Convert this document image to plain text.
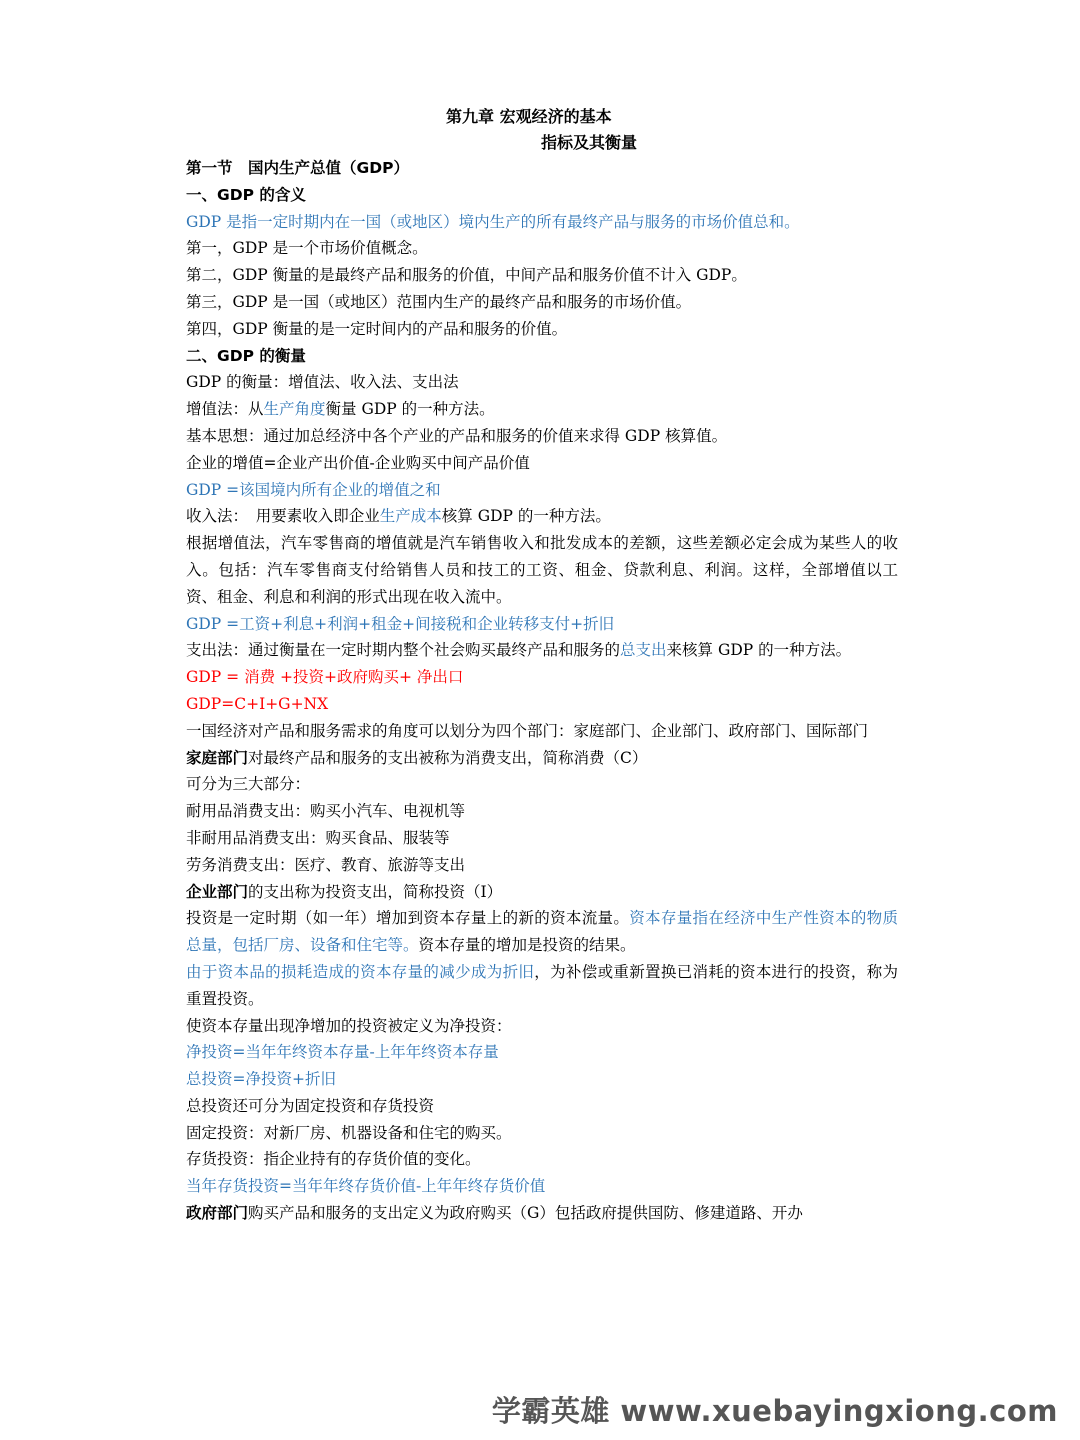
第九章 宏观经济的基本
指标及其衡量
第一节　国内生产总值（GDP）
一、GDP 的含义
GDP 是指一定时期内在一国（或地区）境内生产的所有最终产品与服务的市场价值总和。
第一，GDP 是一个市场价值概念。
第二，GDP 衡量的是最终产品和服务的价值，中间产品和服务价值不计入 GDP。
第三，GDP 是一国（或地区）范围内生产的最终产品和服务的市场价值。
第四，GDP 衡量的是一定时间内的产品和服务的价值。
二、GDP 的衡量
GDP 的衡量：增值法、收入法、支出法
增值法：从生产角度衡量 GDP 的一种方法。
基本思想：通过加总经济中各个产业的产品和服务的价值来求得 GDP 核算值。
企业的增值=企业产出价值-企业购买中间产品价值
GDP =该国境内所有企业的增值之和
收入法：　用要素收入即企业生产成本核算 GDP 的一种方法。
根据增值法，汽车零售商的增值就是汽车销售收入和批发成本的差额，这些差额必定会成为某些人的收入。包括：汽车零售商支付给销售人员和技工的工资、租金、贷款利息、利润。这样，全部增值以工资、租金、利息和利润的形式出现在收入流中。
GDP =工资+利息+利润+租金+间接税和企业转移支付+折旧
支出法：通过衡量在一定时期内整个社会购买最终产品和服务的总支出来核算 GDP 的一种方法。
GDP = 消费 +投资+政府购买+ 净出口
GDP=C+I+G+NX
一国经济对产品和服务需求的角度可以划分为四个部门：家庭部门、企业部门、政府部门、国际部门
家庭部门对最终产品和服务的支出被称为消费支出，简称消费（C）
可分为三大部分：
耐用品消费支出：购买小汽车、电视机等
非耐用品消费支出：购买食品、服装等
劳务消费支出：医疗、教育、旅游等支出
企业部门的支出称为投资支出，简称投资（I）
投资是一定时期（如一年）增加到资本存量上的新的资本流量。资本存量指在经济中生产性资本的物质总量，包括厂房、设备和住宅等。资本存量的增加是投资的结果。
由于资本品的损耗造成的资本存量的减少成为折旧，为补偿或重新置换已消耗的资本进行的投资，称为重置投资。
使资本存量出现净增加的投资被定义为净投资：
净投资=当年年终资本存量-上年年终资本存量
总投资=净投资+折旧
总投资还可分为固定投资和存货投资
固定投资：对新厂房、机器设备和住宅的购买。
存货投资：指企业持有的存货价值的变化。
当年存货投资=当年年终存货价值-上年年终存货价值
政府部门购买产品和服务的支出定义为政府购买（G）包括政府提供国防、修建道路、开办
学霸英雄 www.xuebayingxiong.com
